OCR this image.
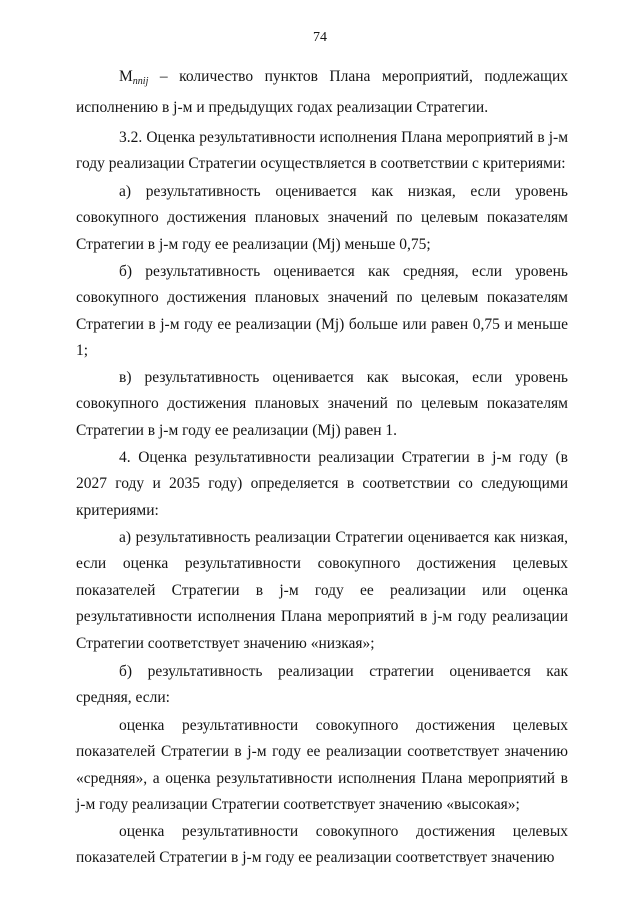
74

Mnnij – количество пунктов Плана мероприятий, подлежащих исполнению в j-м и предыдущих годах реализации Стратегии.

3.2. Оценка результативности исполнения Плана мероприятий в j-м году реализации Стратегии осуществляется в соответствии с критериями:

а) результативность оценивается как низкая, если уровень совокупного достижения плановых значений по целевым показателям Стратегии в j-м году ее реализации (Mj) меньше 0,75;

б) результативность оценивается как средняя, если уровень совокупного достижения плановых значений по целевым показателям Стратегии в j-м году ее реализации (Mj) больше или равен 0,75 и меньше 1;

в) результативность оценивается как высокая, если уровень совокупного достижения плановых значений по целевым показателям Стратегии в j-м году ее реализации (Mj) равен 1.

4. Оценка результативности реализации Стратегии в j-м году (в 2027 году и 2035 году) определяется в соответствии со следующими критериями:

а) результативность реализации Стратегии оценивается как низкая, если оценка результативности совокупного достижения целевых показателей Стратегии в j-м году ее реализации или оценка результативности исполнения Плана мероприятий в j-м году реализации Стратегии соответствует значению «низкая»;

б) результативность реализации стратегии оценивается как средняя, если:

оценка результативности совокупного достижения целевых показателей Стратегии в j-м году ее реализации соответствует значению «средняя», а оценка результативности исполнения Плана мероприятий в j-м году реализации Стратегии соответствует значению «высокая»;

оценка результативности совокупного достижения целевых показателей Стратегии в j-м году ее реализации соответствует значению
